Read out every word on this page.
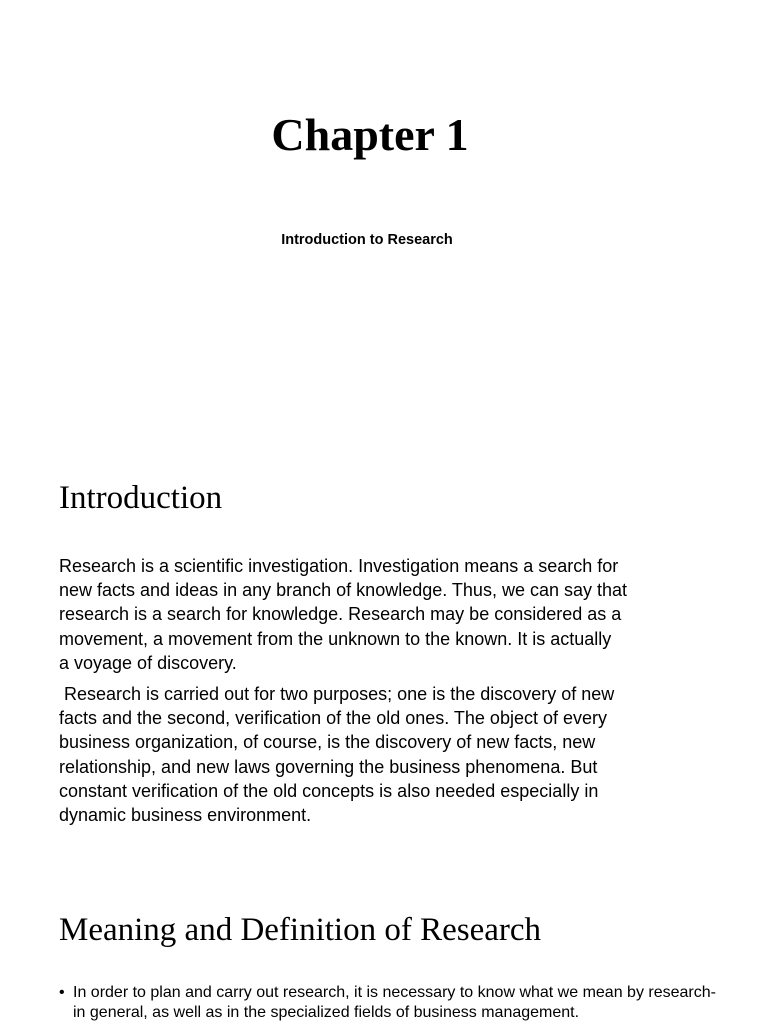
Chapter 1

Introduction to Research

Introduction

Research is a scientific investigation. Investigation means a search for
new facts and ideas in any branch of knowledge. Thus, we can say that
research is a search for knowledge. Research may be considered as a
movement, a movement from the unknown to the known. It is actually
a voyage of discovery.

Research is carried out for two purposes; one is the discovery of new
facts and the second, verification of the old ones. The object of every
business organization, of course, is the discovery of new facts, new
relationship, and new laws governing the business phenomena. But
constant verification of the old concepts is also needed especially in
dynamic business environment.

Meaning and Definition of Research
• In order to plan and carry out research, it is necessary to know what we mean by research-in general, as well as in the specialized fields of business management.
